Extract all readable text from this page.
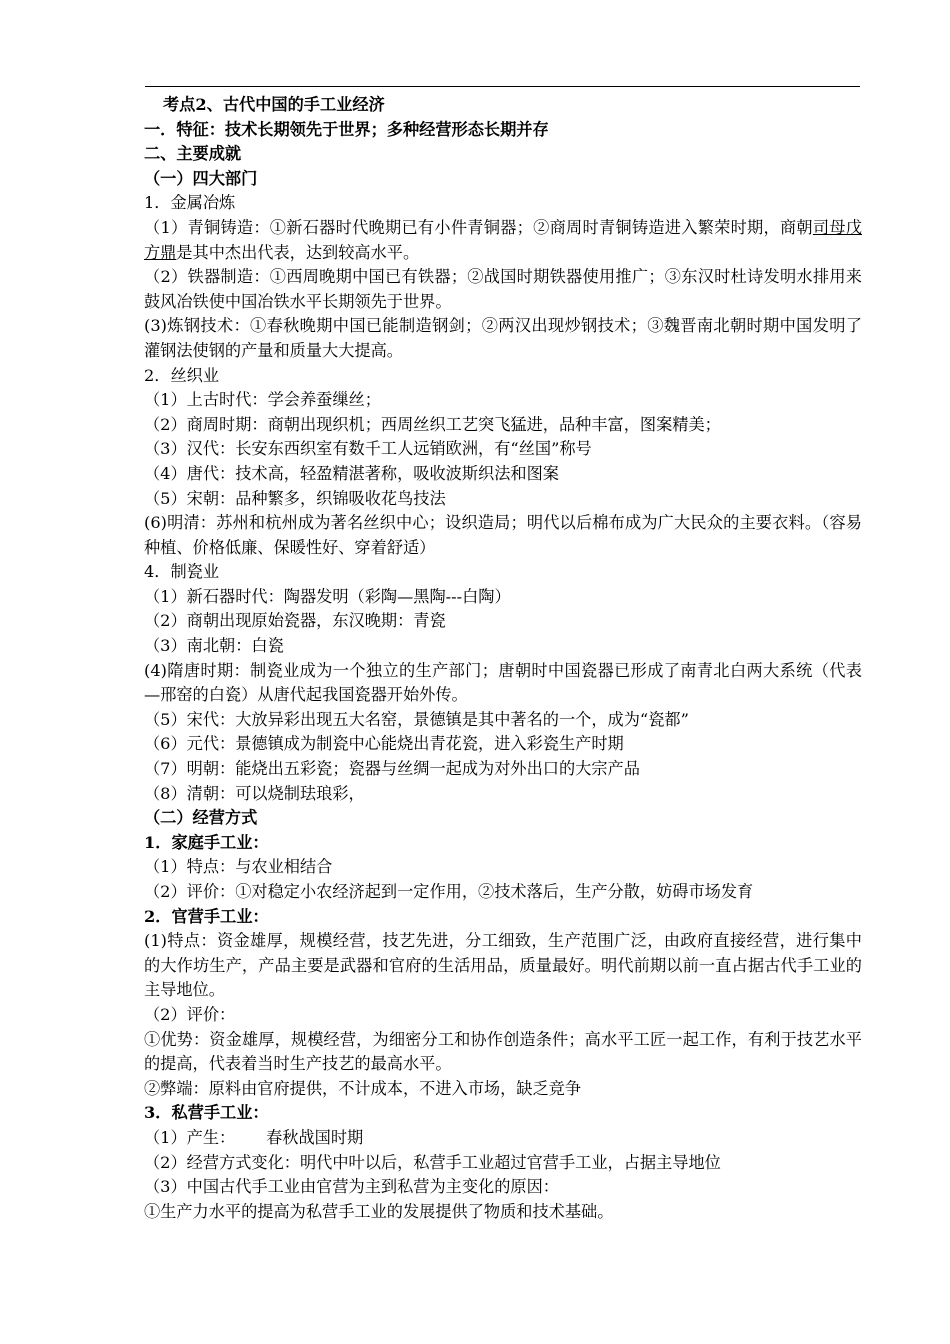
考点2、古代中国的手工业经济
一．特征：技术长期领先于世界；多种经营形态长期并存
二、主要成就
（一）四大部门
1．金属冶炼
（1）青铜铸造：①新石器时代晚期已有小件青铜器；②商周时青铜铸造进入繁荣时期，商朝司母戊方鼎是其中杰出代表，达到较高水平。
（2）铁器制造：①西周晚期中国已有铁器；②战国时期铁器使用推广；③东汉时杜诗发明水排用来鼓风冶铁使中国冶铁水平长期领先于世界。
(3)炼钢技术：①春秋晚期中国已能制造钢剑；②两汉出现炒钢技术；③魏晋南北朝时期中国发明了灌钢法使钢的产量和质量大大提高。
2．丝织业
（1）上古时代：学会养蚕缫丝；
（2）商周时期：商朝出现织机；西周丝织工艺突飞猛进，品种丰富，图案精美；
（3）汉代：长安东西织室有数千工人远销欧洲，有“丝国”称号
（4）唐代：技术高，轻盈精湛著称，吸收波斯织法和图案
（5）宋朝：品种繁多，织锦吸收花鸟技法
(6)明清：苏州和杭州成为著名丝织中心；设织造局；明代以后棉布成为广大民众的主要衣料。（容易种植、价格低廉、保暖性好、穿着舒适）
4．制瓷业
（1）新石器时代：陶器发明（彩陶—黑陶---白陶）
（2）商朝出现原始瓷器，东汉晚期：青瓷
（3）南北朝：白瓷
(4)隋唐时期：制瓷业成为一个独立的生产部门；唐朝时中国瓷器已形成了南青北白两大系统（代表—邢窑的白瓷）从唐代起我国瓷器开始外传。
（5）宋代：大放异彩出现五大名窑，景德镇是其中著名的一个，成为“瓷都”
（6）元代：景德镇成为制瓷中心能烧出青花瓷，进入彩瓷生产时期
（7）明朝：能烧出五彩瓷；瓷器与丝绸一起成为对外出口的大宗产品
（8）清朝：可以烧制珐琅彩，
（二）经营方式
1．家庭手工业：
（1）特点：与农业相结合
（2）评价：①对稳定小农经济起到一定作用，②技术落后，生产分散，妨碍市场发育
2．官营手工业：
(1)特点：资金雄厚，规模经营，技艺先进，分工细致，生产范围广泛，由政府直接经营，进行集中的大作坊生产，产品主要是武器和官府的生活用品，质量最好。明代前期以前一直占据古代手工业的主导地位。
（2）评价：
①优势：资金雄厚，规模经营，为细密分工和协作创造条件；高水平工匠一起工作，有利于技艺水平的提高，代表着当时生产技艺的最高水平。
②弊端：原料由官府提供，不计成本，不进入市场，缺乏竞争
3．私营手工业：
（1）产生：      春秋战国时期
（2）经营方式变化：明代中叶以后，私营手工业超过官营手工业，占据主导地位
（3）中国古代手工业由官营为主到私营为主变化的原因：
①生产力水平的提高为私营手工业的发展提供了物质和技术基础。
